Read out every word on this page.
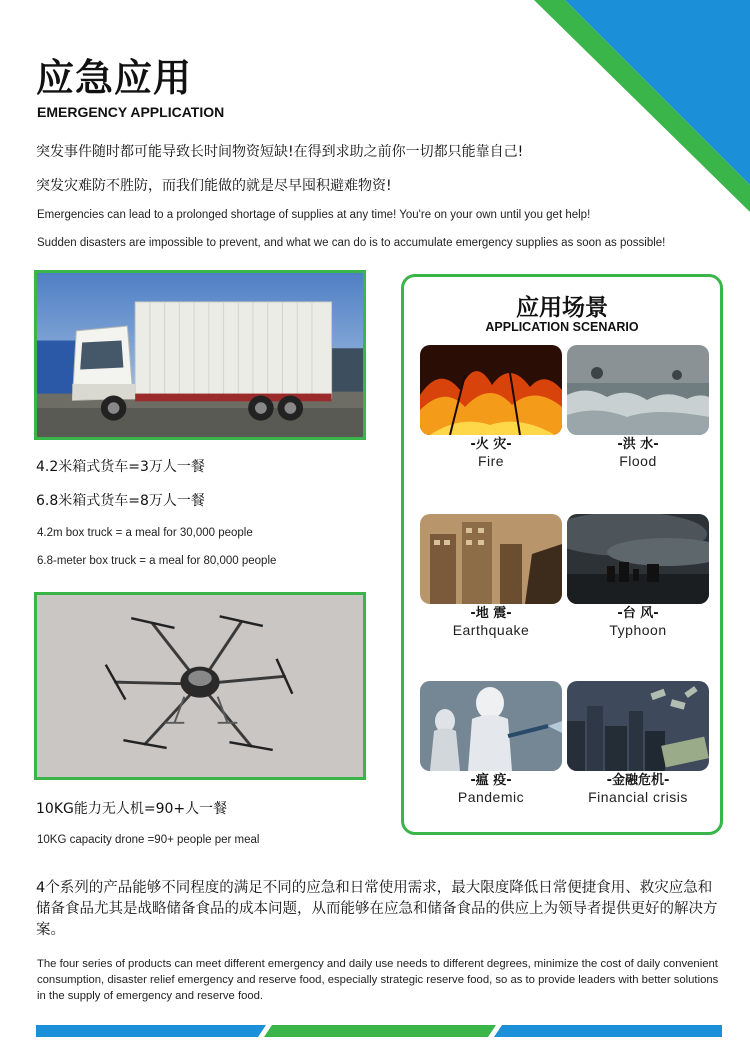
应急应用
EMERGENCY APPLICATION
突发事件随时都可能导致长时间物资短缺!在得到求助之前你一切都只能靠自己!
突发灾难防不胜防，而我们能做的就是尽早囤积避难物资!
Emergencies can lead to a prolonged shortage of supplies at any time! You're on your own until you get help!
Sudden disasters are impossible to prevent, and what we can do is to accumulate emergency supplies as soon as possible!
4.2米箱式货车=3万人一餐
6.8米箱式货车=8万人一餐
4.2m box truck = a meal for 30,000 people
6.8-meter box truck = a meal for 80,000 people
10KG能力无人机=90+人一餐
10KG capacity drone =90+ people per meal
应用场景
APPLICATION SCENARIO
-火 灾-
Fire
-洪 水-
Flood
-地 震-
Earthquake
-台 风-
Typhoon
-瘟 疫-
Pandemic
-金融危机-
Financial crisis
4个系列的产品能够不同程度的满足不同的应急和日常使用需求，最大限度降低日常便捷食用、救灾应急和储备食品尤其是战略储备食品的成本问题，从而能够在应急和储备食品的供应上为领导者提供更好的解决方案。
The four series of products can meet different emergency and daily use needs to different degrees, minimize the cost of daily convenient consumption, disaster relief emergency and reserve food, especially strategic reserve food, so as to provide leaders with better solutions in the supply of emergency and reserve food.
